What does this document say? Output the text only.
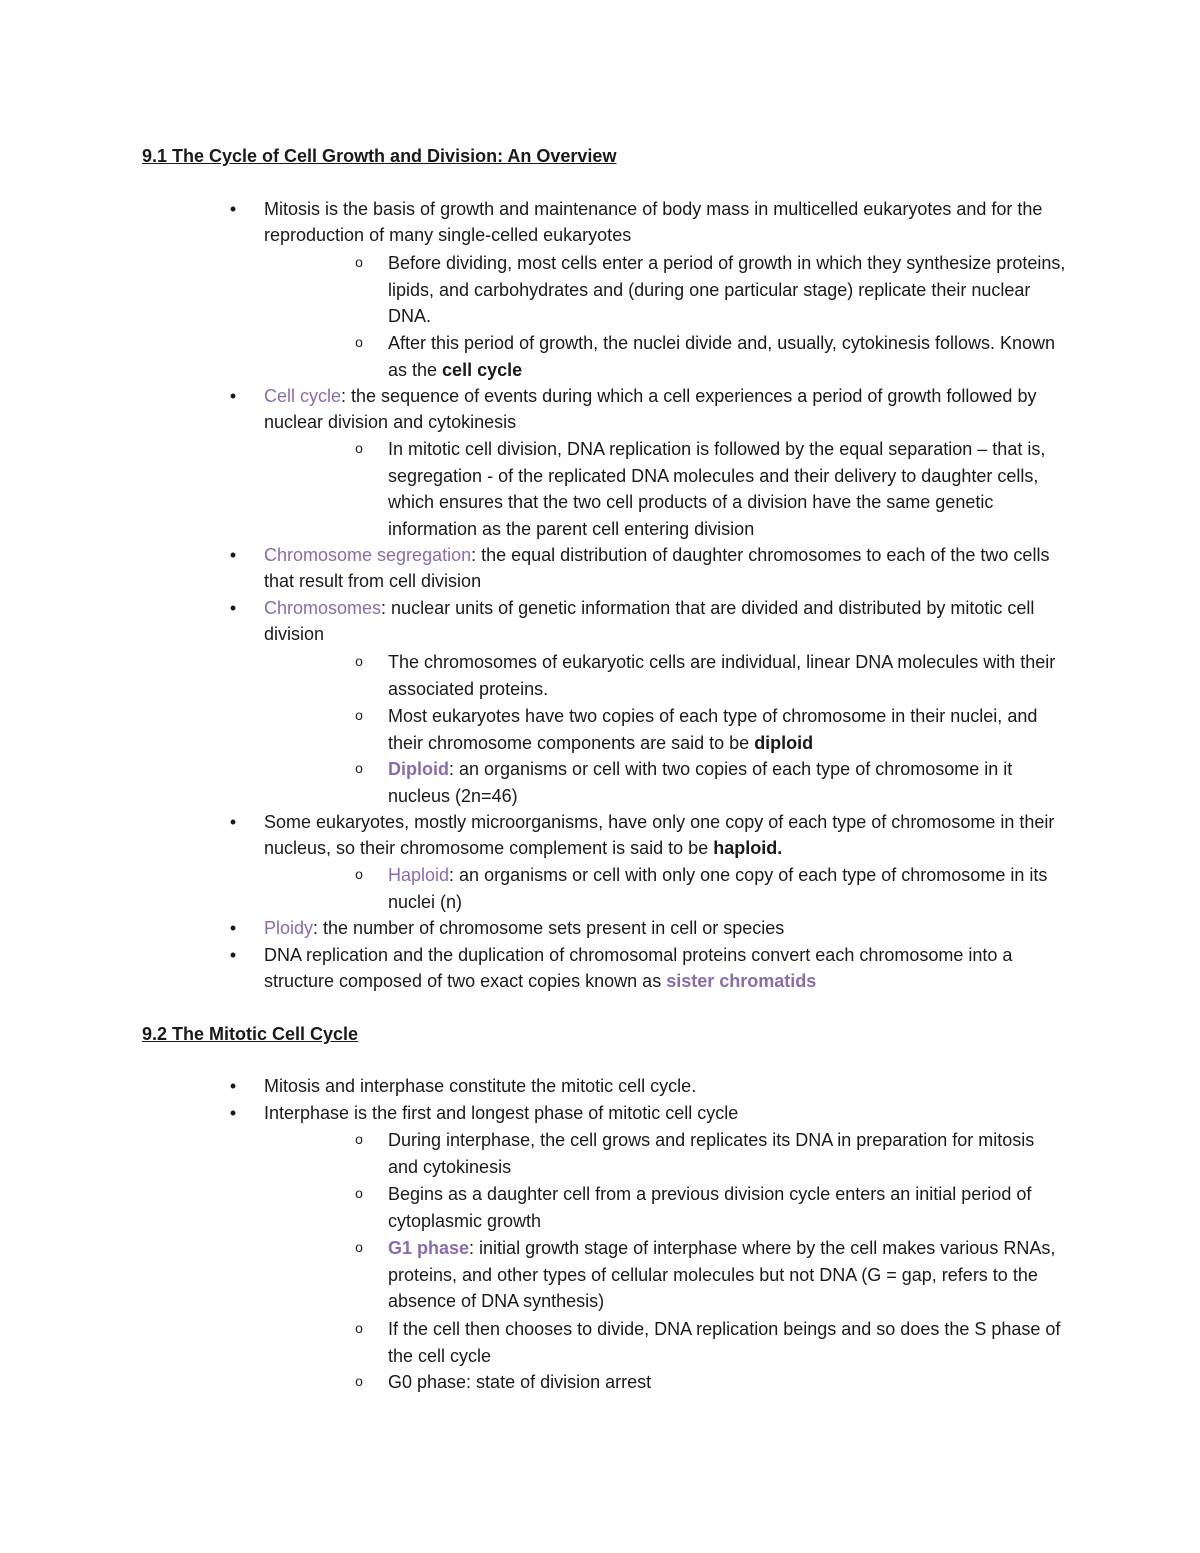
9.1 The Cycle of Cell Growth and Division: An Overview
• Mitosis is the basis of growth and maintenance of body mass in multicelled eukaryotes and for the reproduction of many single-celled eukaryotes
o Before dividing, most cells enter a period of growth in which they synthesize proteins, lipids, and carbohydrates and (during one particular stage) replicate their nuclear DNA.
o After this period of growth, the nuclei divide and, usually, cytokinesis follows. Known as the cell cycle
• Cell cycle: the sequence of events during which a cell experiences a period of growth followed by nuclear division and cytokinesis
o In mitotic cell division, DNA replication is followed by the equal separation – that is, segregation - of the replicated DNA molecules and their delivery to daughter cells, which ensures that the two cell products of a division have the same genetic information as the parent cell entering division
• Chromosome segregation: the equal distribution of daughter chromosomes to each of the two cells that result from cell division
• Chromosomes: nuclear units of genetic information that are divided and distributed by mitotic cell division
o The chromosomes of eukaryotic cells are individual, linear DNA molecules with their associated proteins.
o Most eukaryotes have two copies of each type of chromosome in their nuclei, and their chromosome components are said to be diploid
o Diploid: an organisms or cell with two copies of each type of chromosome in it nucleus (2n=46)
• Some eukaryotes, mostly microorganisms, have only one copy of each type of chromosome in their nucleus, so their chromosome complement is said to be haploid.
o Haploid: an organisms or cell with only one copy of each type of chromosome in its nuclei (n)
• Ploidy: the number of chromosome sets present in cell or species
• DNA replication and the duplication of chromosomal proteins convert each chromosome into a structure composed of two exact copies known as sister chromatids
9.2 The Mitotic Cell Cycle
• Mitosis and interphase constitute the mitotic cell cycle.
• Interphase is the first and longest phase of mitotic cell cycle
o During interphase, the cell grows and replicates its DNA in preparation for mitosis and cytokinesis
o Begins as a daughter cell from a previous division cycle enters an initial period of cytoplasmic growth
o G1 phase: initial growth stage of interphase where by the cell makes various RNAs, proteins, and other types of cellular molecules but not DNA (G = gap, refers to the absence of DNA synthesis)
o If the cell then chooses to divide, DNA replication beings and so does the S phase of the cell cycle
o G0 phase: state of division arrest
